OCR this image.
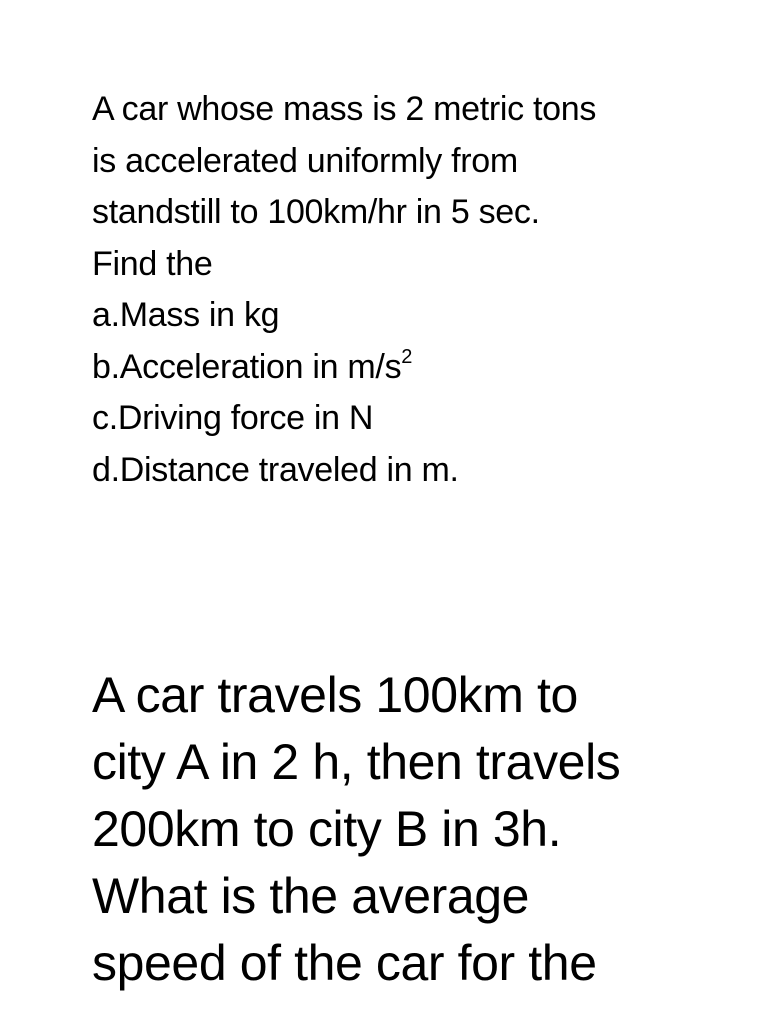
A car whose mass is 2 metric tons
is accelerated uniformly from
standstill to 100km/hr in 5 sec.
Find the
a.Mass in kg
b.Acceleration in $m/s^2$
c.Driving force in N
d.Distance traveled in m.
A car travels 100km to
city A in 2 h, then travels
200km to city B in 3h.
What is the average
speed of the car for the
